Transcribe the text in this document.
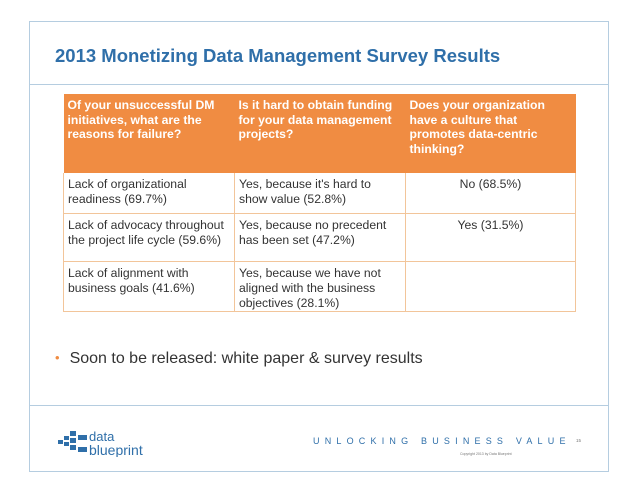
2013 Monetizing Data Management Survey Results
Of your unsuccessful DM initiatives, what are the reasons for failure?	Is it hard to obtain funding for your data management projects?	Does your organization have a culture that promotes data-centric thinking?
Lack of organizational readiness (69.7%)	Yes, because it's hard to show value (52.8%)	No (68.5%)
Lack of advocacy throughout the project life cycle (59.6%)	Yes, because no precedent has been set (47.2%)	Yes (31.5%)
Lack of alignment with business goals (41.6%)	Yes, because we have not aligned with the business objectives (28.1%)	
• Soon to be released: white paper & survey results
data
blueprint
UNLOCKING BUSINESS VALUE
Copyright 2013 by Data Blueprint
15
